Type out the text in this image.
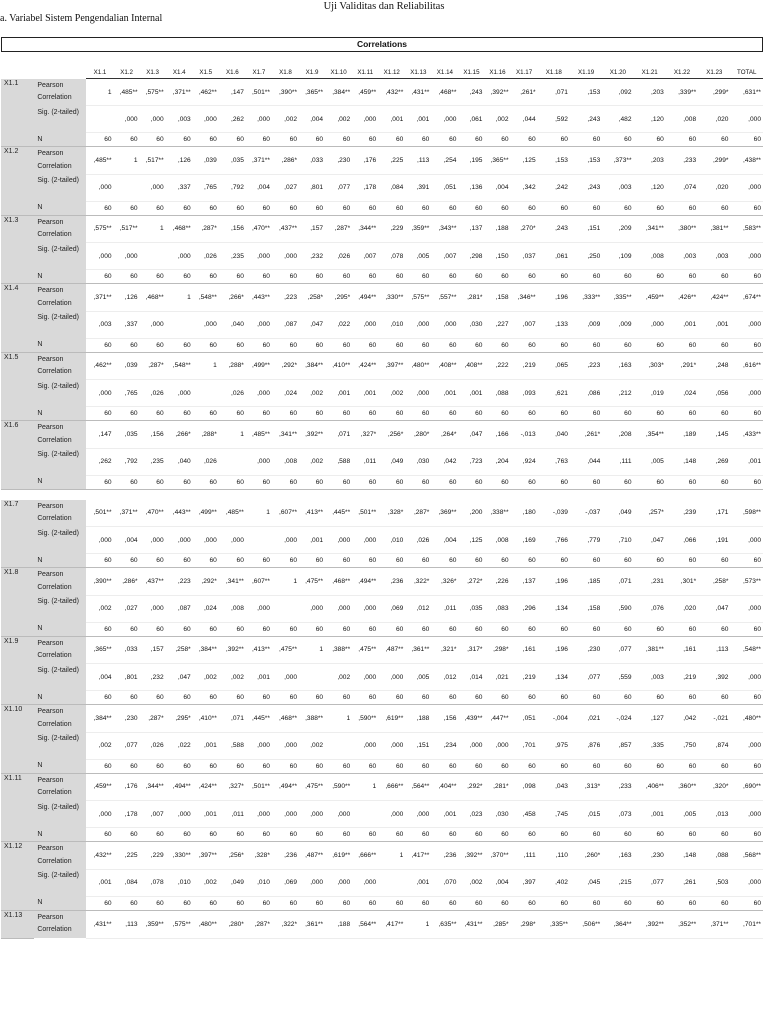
Uji Validitas dan Reliabilitas
a. Variabel Sistem Pengendalian Internal
Correlations
		X1.1	X1.2	X1.3	X1.4	X1.5	X1.6	X1.7	X1.8	X1.9	X1.10	X1.11	X1.12	X1.13	X1.14	X1.15	X1.16	X1.17	X1.18	X1.19	X1.20	X1.21	X1.22	X1.23	TOTAL
X1.1	Pearson Correlation	1	,485**	,575**	,371**	,462**	,147	,501**	,390**	,365**	,384**	,459**	,432**	,431**	,468**	,243	,392**	,261*	,071	,153	,092	,203	,339**	,299*	,631**
	Sig. (2-tailed)		,000	,000	,003	,000	,262	,000	,002	,004	,002	,000	,001	,001	,000	,061	,002	,044	,592	,243	,482	,120	,008	,020	,000
	N	60	60	60	60	60	60	60	60	60	60	60	60	60	60	60	60	60	60	60	60	60	60	60	60
X1.2	Pearson Correlation	,485**	1	,517**	,126	,039	,035	,371**	,286*	,033	,230	,176	,225	,113	,254	,195	,365**	,125	,153	,153	,373**	,203	,233	,299*	,438**
	Sig. (2-tailed)	,000		,000	,337	,765	,792	,004	,027	,801	,077	,178	,084	,391	,051	,136	,004	,342	,242	,243	,003	,120	,074	,020	,000
	N	60	60	60	60	60	60	60	60	60	60	60	60	60	60	60	60	60	60	60	60	60	60	60	60
X1.3	Pearson Correlation	,575**	,517**	1	,468**	,287*	,156	,470**	,437**	,157	,287*	,344**	,229	,359**	,343**	,137	,188	,270*	,243	,151	,209	,341**	,380**	,381**	,583**
	Sig. (2-tailed)	,000	,000		,000	,026	,235	,000	,000	,232	,026	,007	,078	,005	,007	,298	,150	,037	,061	,250	,109	,008	,003	,003	,000
	N	60	60	60	60	60	60	60	60	60	60	60	60	60	60	60	60	60	60	60	60	60	60	60	60
X1.4	Pearson Correlation	,371**	,126	,468**	1	,548**	,266*	,443**	,223	,258*	,295*	,494**	,330**	,575**	,557**	,281*	,158	,346**	,196	,333**	,335**	,459**	,426**	,424**	,674**
	Sig. (2-tailed)	,003	,337	,000		,000	,040	,000	,087	,047	,022	,000	,010	,000	,000	,030	,227	,007	,133	,009	,009	,000	,001	,001	,000
	N	60	60	60	60	60	60	60	60	60	60	60	60	60	60	60	60	60	60	60	60	60	60	60	60
X1.5	Pearson Correlation	,462**	,039	,287*	,548**	1	,288*	,499**	,292*	,384**	,410**	,424**	,397**	,480**	,408**	,408**	,222	,219	,065	,223	,163	,303*	,291*	,248	,616**
	Sig. (2-tailed)	,000	,765	,026	,000		,026	,000	,024	,002	,001	,001	,002	,000	,001	,001	,088	,093	,621	,086	,212	,019	,024	,056	,000
	N	60	60	60	60	60	60	60	60	60	60	60	60	60	60	60	60	60	60	60	60	60	60	60	60
X1.6	Pearson Correlation	,147	,035	,156	,266*	,288*	1	,485**	,341**	,392**	,071	,327*	,256*	,280*	,264*	,047	,166	-,013	,040	,261*	,208	,354**	,189	,145	,433**
	Sig. (2-tailed)	,262	,792	,235	,040	,026		,000	,008	,002	,588	,011	,049	,030	,042	,723	,204	,924	,763	,044	,111	,005	,148	,269	,001
	N	60	60	60	60	60	60	60	60	60	60	60	60	60	60	60	60	60	60	60	60	60	60	60	60

X1.7	Pearson Correlation	,501**	,371**	,470**	,443**	,499**	,485**	1	,607**	,413**	,445**	,501**	,328*	,287*	,369**	,200	,338**	,180	-,039	-,037	,049	,257*	,239	,171	,598**
	Sig. (2-tailed)	,000	,004	,000	,000	,000	,000		,000	,001	,000	,000	,010	,026	,004	,125	,008	,169	,766	,779	,710	,047	,066	,191	,000
	N	60	60	60	60	60	60	60	60	60	60	60	60	60	60	60	60	60	60	60	60	60	60	60	60
X1.8	Pearson Correlation	,390**	,286*	,437**	,223	,292*	,341**	,607**	1	,475**	,468**	,494**	,236	,322*	,326*	,272*	,226	,137	,196	,185	,071	,231	,301*	,258*	,573**
	Sig. (2-tailed)	,002	,027	,000	,087	,024	,008	,000		,000	,000	,000	,069	,012	,011	,035	,083	,296	,134	,158	,590	,076	,020	,047	,000
	N	60	60	60	60	60	60	60	60	60	60	60	60	60	60	60	60	60	60	60	60	60	60	60	60
X1.9	Pearson Correlation	,365**	,033	,157	,258*	,384**	,392**	,413**	,475**	1	,388**	,475**	,487**	,361**	,321*	,317*	,298*	,161	,196	,230	,077	,381**	,161	,113	,548**
	Sig. (2-tailed)	,004	,801	,232	,047	,002	,002	,001	,000		,002	,000	,000	,005	,012	,014	,021	,219	,134	,077	,559	,003	,219	,392	,000
	N	60	60	60	60	60	60	60	60	60	60	60	60	60	60	60	60	60	60	60	60	60	60	60	60
X1.10	Pearson Correlation	,384**	,230	,287*	,295*	,410**	,071	,445**	,468**	,388**	1	,590**	,619**	,188	,156	,439**	,447**	,051	-,004	,021	-,024	,127	,042	-,021	,480**
	Sig. (2-tailed)	,002	,077	,026	,022	,001	,588	,000	,000	,002		,000	,000	,151	,234	,000	,000	,701	,975	,876	,857	,335	,750	,874	,000
	N	60	60	60	60	60	60	60	60	60	60	60	60	60	60	60	60	60	60	60	60	60	60	60	60
X1.11	Pearson Correlation	,459**	,176	,344**	,494**	,424**	,327*	,501**	,494**	,475**	,590**	1	,666**	,564**	,404**	,292*	,281*	,098	,043	,313*	,233	,406**	,360**	,320*	,690**
	Sig. (2-tailed)	,000	,178	,007	,000	,001	,011	,000	,000	,000	,000		,000	,000	,001	,023	,030	,458	,745	,015	,073	,001	,005	,013	,000
	N	60	60	60	60	60	60	60	60	60	60	60	60	60	60	60	60	60	60	60	60	60	60	60	60
X1.12	Pearson Correlation	,432**	,225	,229	,330**	,397**	,256*	,328*	,236	,487**	,619**	,666**	1	,417**	,236	,392**	,370**	,111	,110	,260*	,163	,230	,148	,088	,568**
	Sig. (2-tailed)	,001	,084	,078	,010	,002	,049	,010	,069	,000	,000	,000		,001	,070	,002	,004	,397	,402	,045	,215	,077	,261	,503	,000
	N	60	60	60	60	60	60	60	60	60	60	60	60	60	60	60	60	60	60	60	60	60	60	60	60
X1.13	Pearson Correlation	,431**	,113	,359**	,575**	,480**	,280*	,287*	,322*	,361**	,188	,564**	,417**	1	,635**	,431**	,285*	,298*	,335**	,506**	,364**	,392**	,352**	,371**	,701**
